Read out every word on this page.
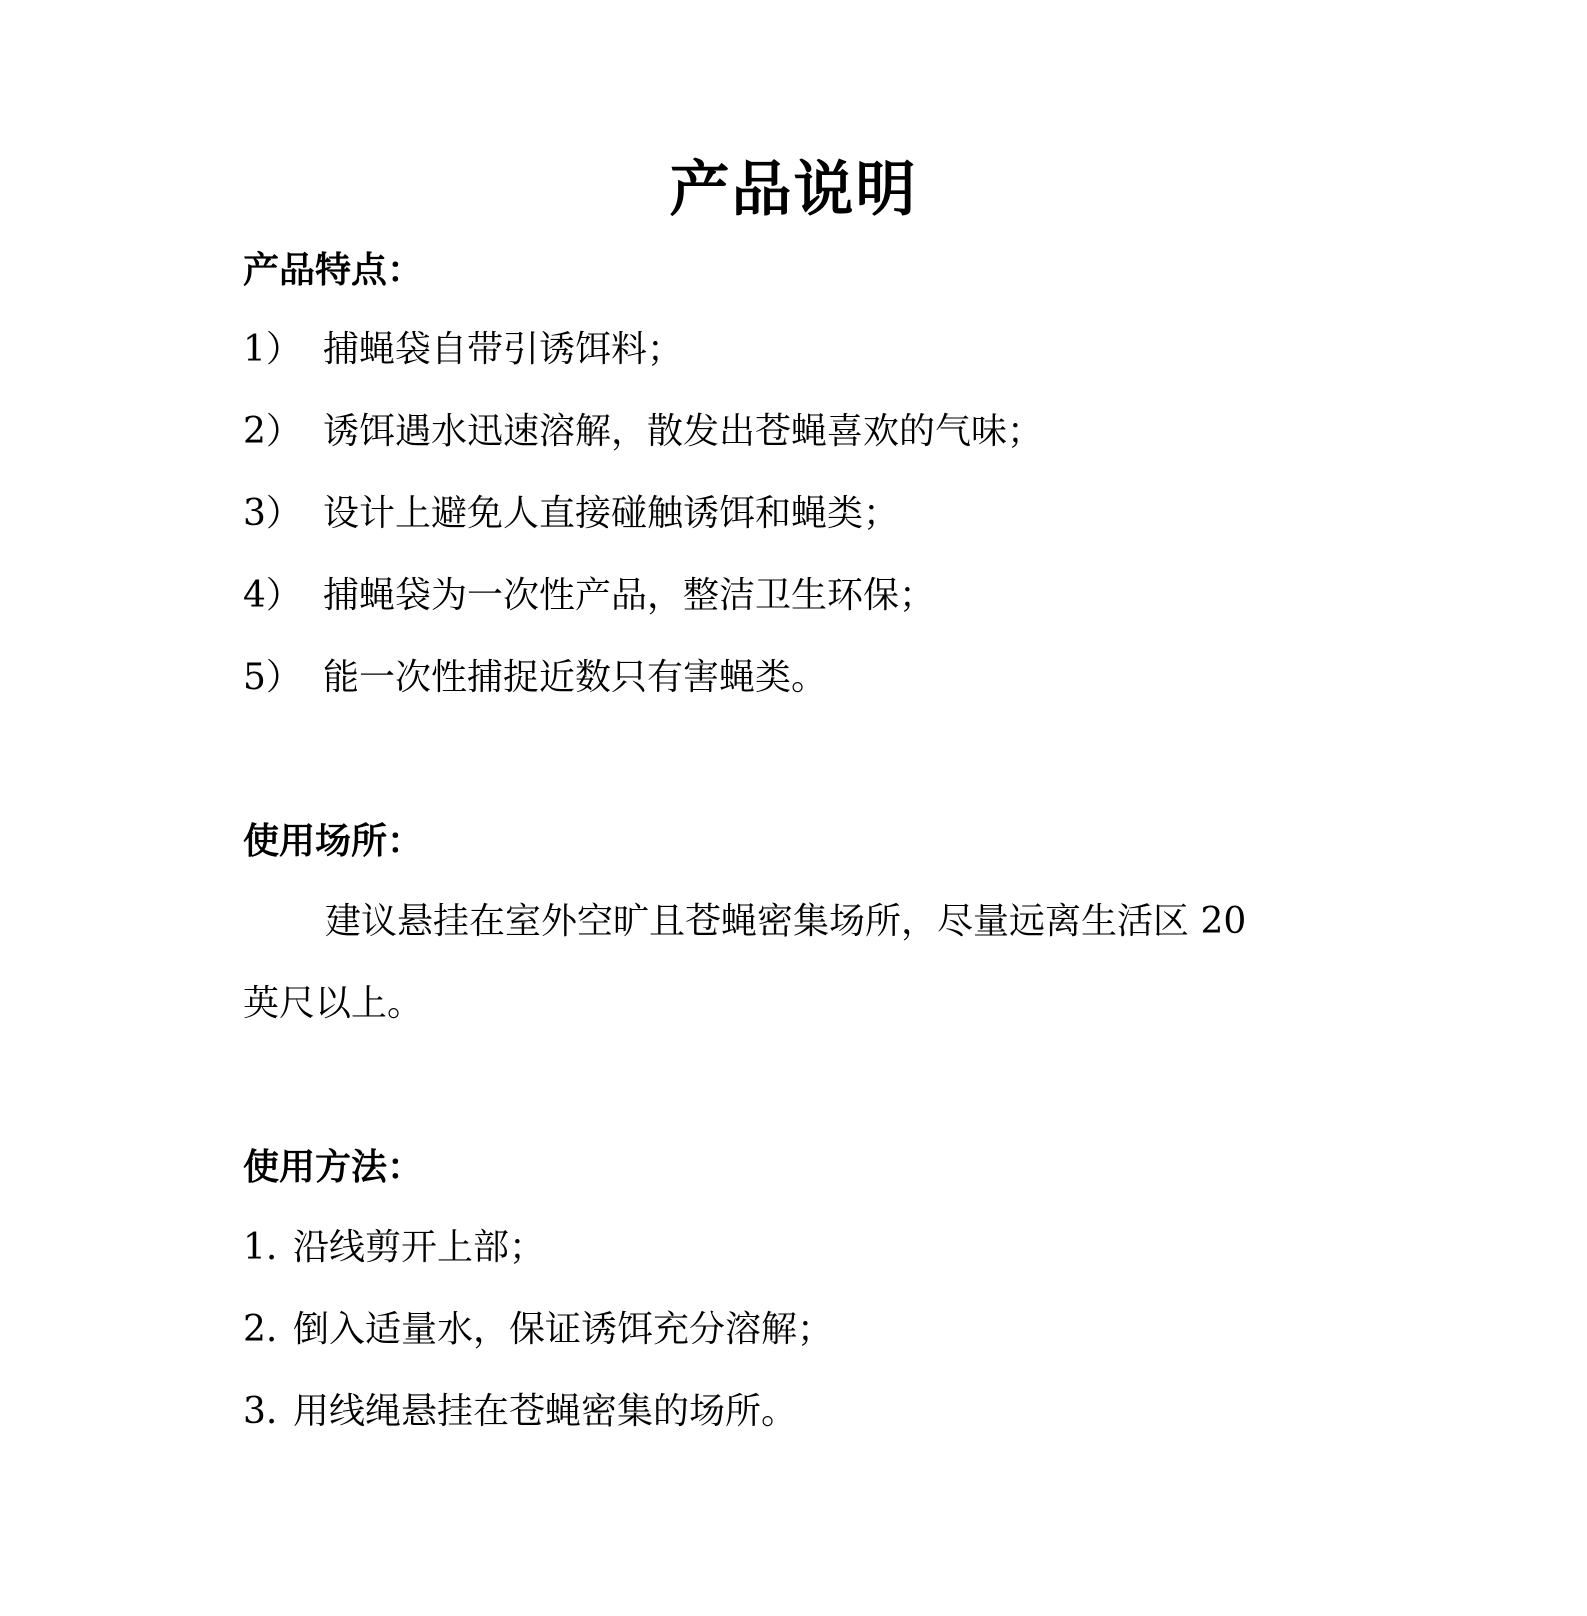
产品说明
产品特点：
1） 捕蝇袋自带引诱饵料；
2） 诱饵遇水迅速溶解，散发出苍蝇喜欢的气味；
3） 设计上避免人直接碰触诱饵和蝇类；
4） 捕蝇袋为一次性产品，整洁卫生环保；
5） 能一次性捕捉近数只有害蝇类。
使用场所：
建议悬挂在室外空旷且苍蝇密集场所，尽量远离生活区 20
英尺以上。
使用方法：
1. 沿线剪开上部；
2. 倒入适量水，保证诱饵充分溶解；
3. 用线绳悬挂在苍蝇密集的场所。
